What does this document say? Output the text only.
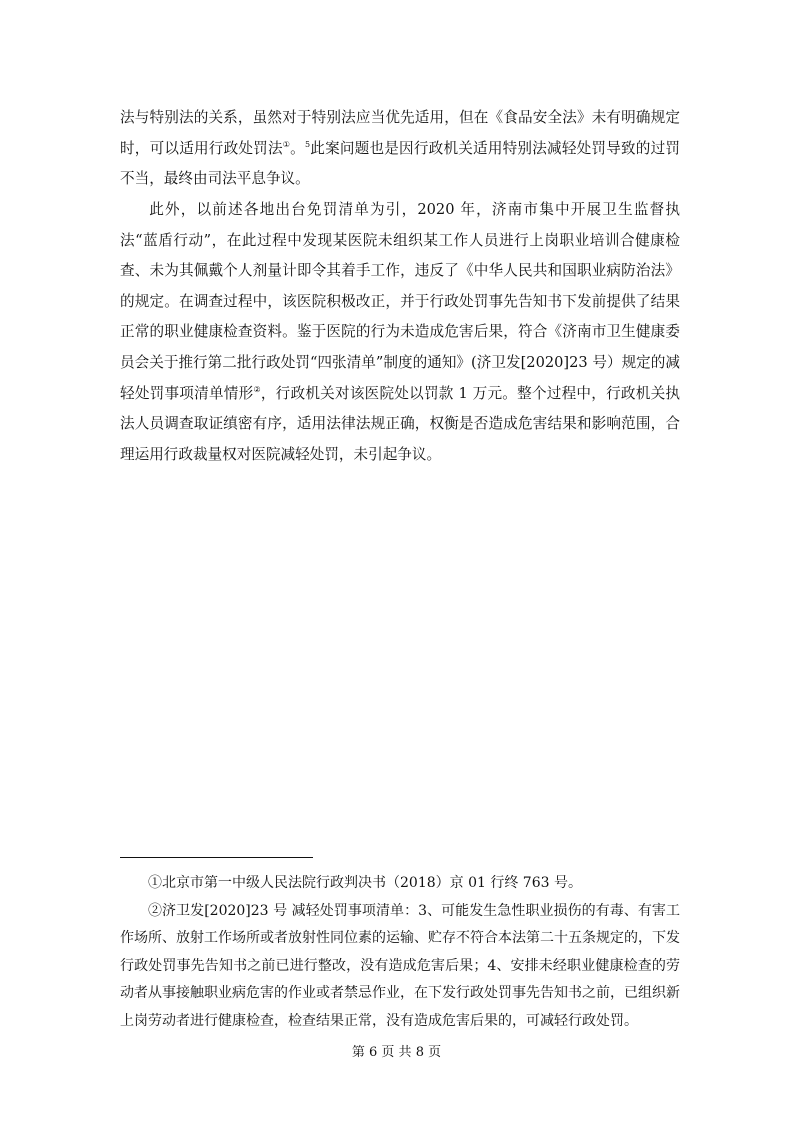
法与特别法的关系，虽然对于特别法应当优先适用，但在《食品安全法》未有明确规定时，可以适用行政处罚法①。$^5$此案问题也是因行政机关适用特别法减轻处罚导致的过罚不当，最终由司法平息争议。

此外，以前述各地出台免罚清单为引，2020 年，济南市集中开展卫生监督执法“蓝盾行动”，在此过程中发现某医院未组织某工作人员进行上岗职业培训合健康检查、未为其佩戴个人剂量计即令其着手工作，违反了《中华人民共和国职业病防治法》的规定。在调查过程中，该医院积极改正，并于行政处罚事先告知书下发前提供了结果正常的职业健康检查资料。鉴于医院的行为未造成危害后果，符合《济南市卫生健康委员会关于推行第二批行政处罚“四张清单”制度的通知》(济卫发[2020]23 号）规定的减轻处罚事项清单情形②，行政机关对该医院处以罚款 1 万元。整个过程中，行政机关执法人员调查取证缜密有序，适用法律法规正确，权衡是否造成危害结果和影响范围，合理运用行政裁量权对医院减轻处罚，未引起争议。

①北京市第一中级人民法院行政判决书（2018）京 01 行终 763 号。

②济卫发[2020]23 号 减轻处罚事项清单：3、可能发生急性职业损伤的有毒、有害工作场所、放射工作场所或者放射性同位素的运输、贮存不符合本法第二十五条规定的，下发行政处罚事先告知书之前已进行整改，没有造成危害后果；4、安排未经职业健康检查的劳动者从事接触职业病危害的作业或者禁忌作业，在下发行政处罚事先告知书之前，已组织新上岗劳动者进行健康检查，检查结果正常，没有造成危害后果的，可减轻行政处罚。

第 6 页 共 8 页
